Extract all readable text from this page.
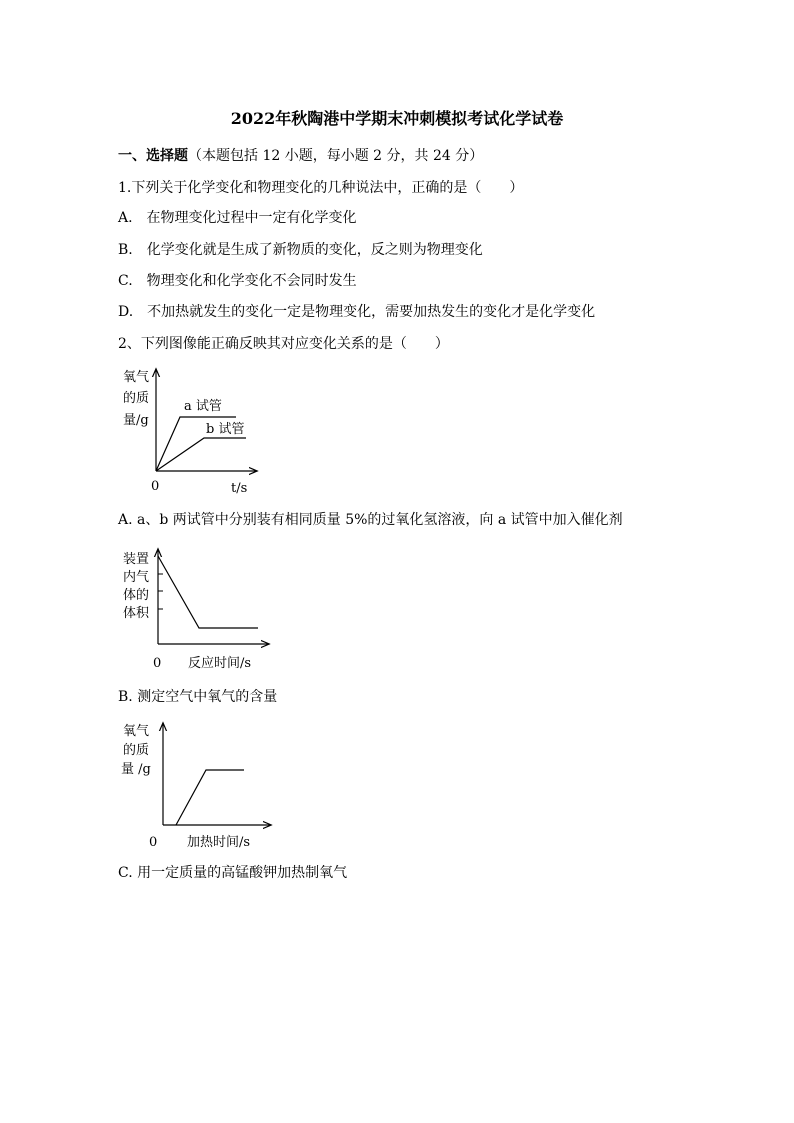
2022年秋陶港中学期末冲刺模拟考试化学试卷
一、选择题（本题包括 12 小题，每小题 2 分，共 24 分）
1.下列关于化学变化和物理变化的几种说法中，正确的是（　　）
A.　在物理变化过程中一定有化学变化
B.　化学变化就是生成了新物质的变化，反之则为物理变化
C.　物理变化和化学变化不会同时发生
D.　不加热就发生的变化一定是物理变化，需要加热发生的变化才是化学变化
2、下列图像能正确反映其对应变化关系的是（　　）
氧气
的质
量/g
a 试管
b 试管
0	t/s
A. a、b 两试管中分别装有相同质量 5%的过氧化氢溶液，向 a 试管中加入催化剂
装置
内气
体的
体积
0 反应时间/s
B. 测定空气中氧气的含量
氧气
的质
量 /g
0 加热时间/s
C. 用一定质量的高锰酸钾加热制氧气
